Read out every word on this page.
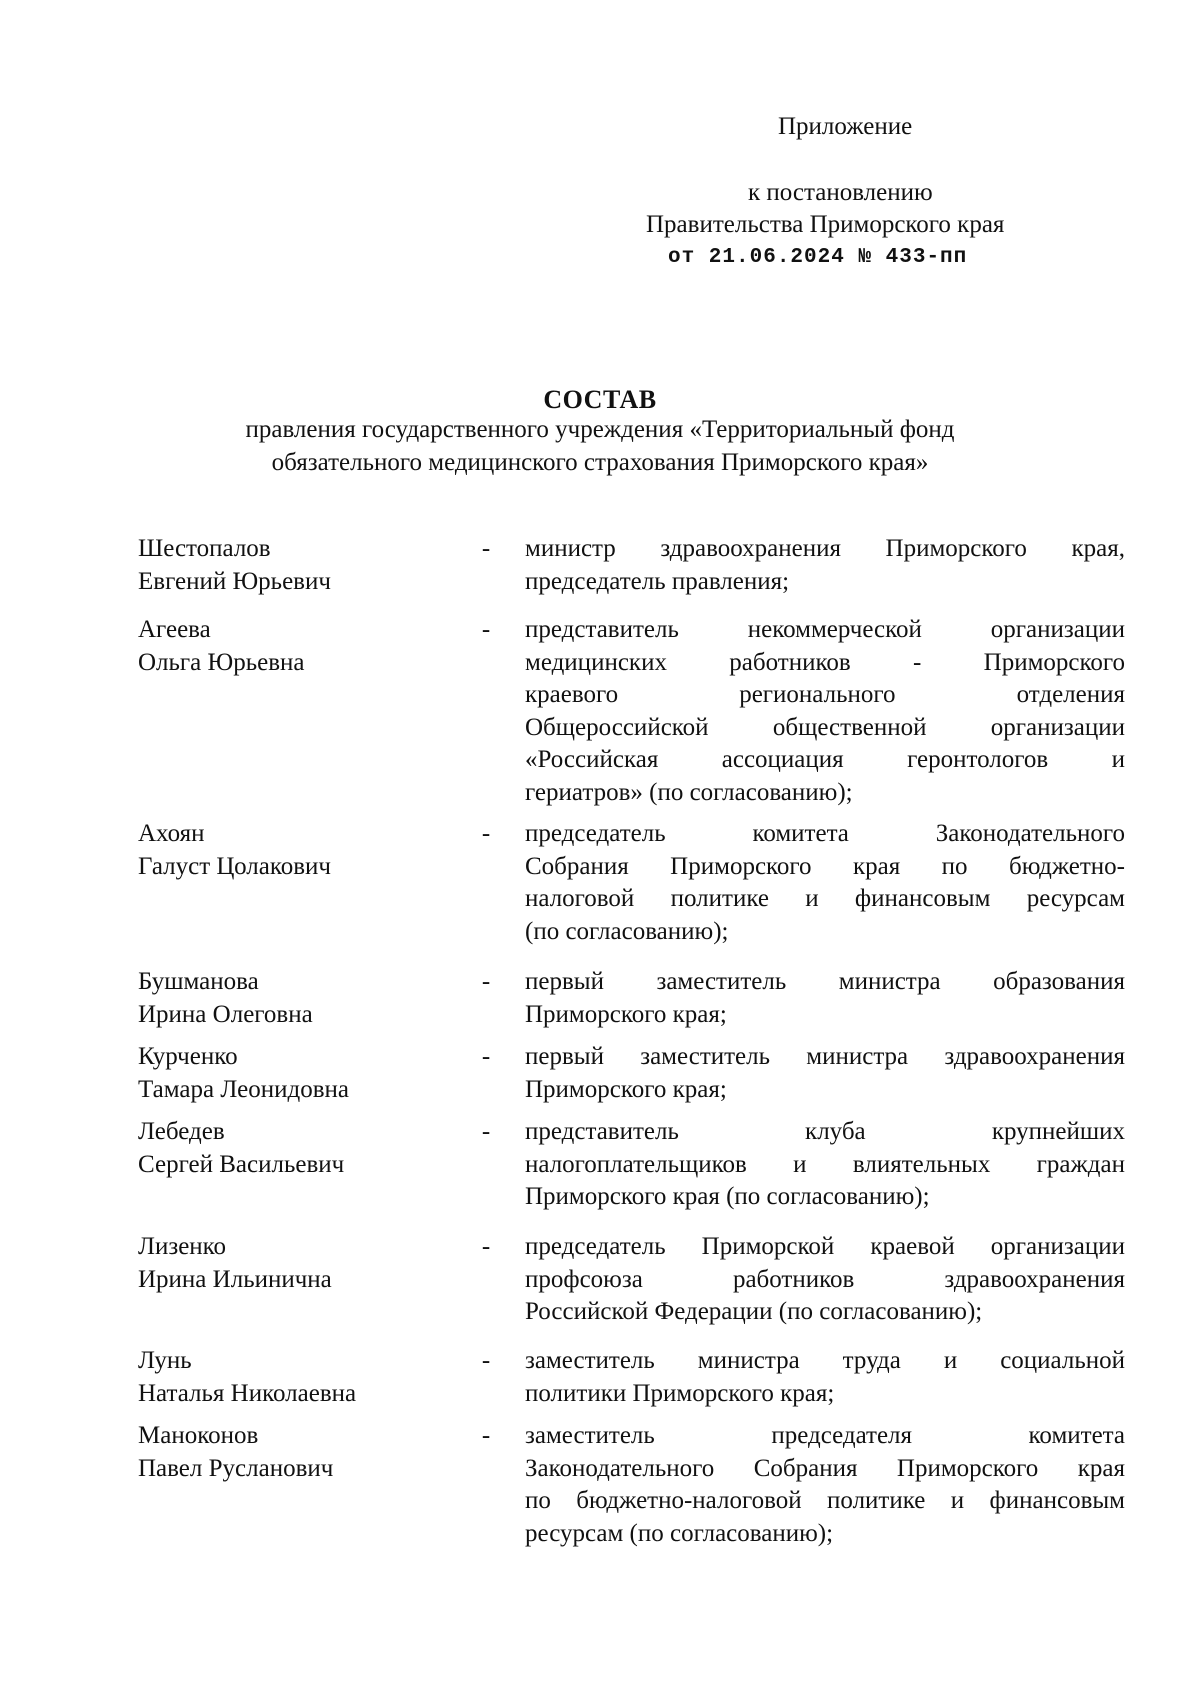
Приложение
к постановлению
Правительства Приморского края
от 21.06.2024 № 433-пп
СОСТАВ
правления государственного учреждения «Территориальный фонд
обязательного медицинского страхования Приморского края»
Шестопалов
Евгений Юрьевич
- министр здравоохранения Приморского края,
председатель правления;
Агеева
Ольга Юрьевна
- представитель некоммерческой организации
медицинских работников - Приморского
краевого регионального отделения
Общероссийской общественной организации
«Российская ассоциация геронтологов и
гериатров» (по согласованию);
Ахоян
Галуст Цолакович
- председатель комитета Законодательного
Собрания Приморского края по бюджетно-
налоговой политике и финансовым ресурсам
(по согласованию);
Бушманова
Ирина Олеговна
- первый заместитель министра образования
Приморского края;
Курченко
Тамара Леонидовна
- первый заместитель министра здравоохранения
Приморского края;
Лебедев
Сергей Васильевич
- представитель клуба крупнейших
налогоплательщиков и влиятельных граждан
Приморского края (по согласованию);
Лизенко
Ирина Ильинична
- председатель Приморской краевой организации
профсоюза работников здравоохранения
Российской Федерации (по согласованию);
Лунь
Наталья Николаевна
- заместитель министра труда и социальной
политики Приморского края;
Маноконов
Павел Русланович
- заместитель председателя комитета
Законодательного Собрания Приморского края
по бюджетно-налоговой политике и финансовым
ресурсам (по согласованию);
